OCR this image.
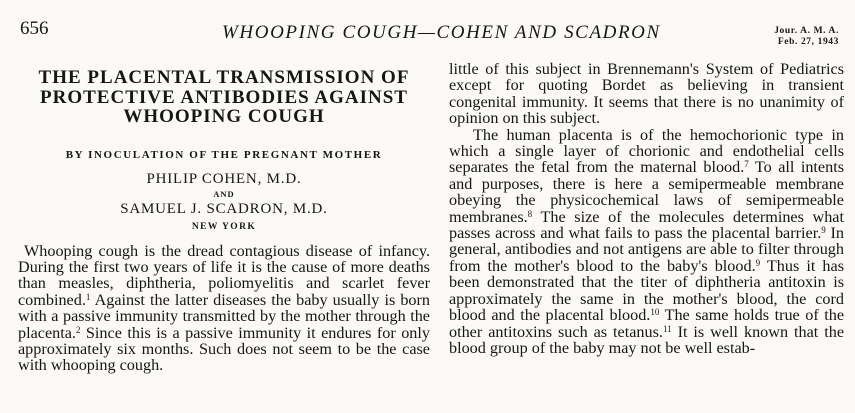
656	WHOOPING COUGH—COHEN AND SCADRON	Jour. A. M. A.
Feb. 27, 1943
THE PLACENTAL TRANSMISSION OF PROTECTIVE ANTIBODIES AGAINST WHOOPING COUGH
BY INOCULATION OF THE PREGNANT MOTHER
PHILIP COHEN, M.D.
AND
SAMUEL J. SCADRON, M.D.
NEW YORK

Whooping cough is the dread contagious disease of infancy. During the first two years of life it is the cause of more deaths than measles, diphtheria, poliomyelitis and scarlet fever combined.$^1$ Against the latter diseases the baby usually is born with a passive immunity transmitted by the mother through the placenta.$^2$ Since this is a passive immunity it endures for only approximately six months. Such does not seem to be the case with whooping cough.

little of this subject in Brennemann's System of Pediatrics except for quoting Bordet as believing in transient congenital immunity. It seems that there is no unanimity of opinion on this subject.

The human placenta is of the hemochorionic type in which a single layer of chorionic and endothelial cells separates the fetal from the maternal blood.$^7$ To all intents and purposes, there is here a semipermeable membrane obeying the physicochemical laws of semipermeable membranes.$^8$ The size of the molecules determines what passes across and what fails to pass the placental barrier.$^9$ In general, antibodies and not antigens are able to filter through from the mother's blood to the baby's blood.$^9$ Thus it has been demonstrated that the titer of diphtheria antitoxin is approximately the same in the mother's blood, the cord blood and the placental blood.$^{10}$ The same holds true of the other antitoxins such as tetanus.$^{11}$ It is well known that the blood group of the baby may not be well estab-
